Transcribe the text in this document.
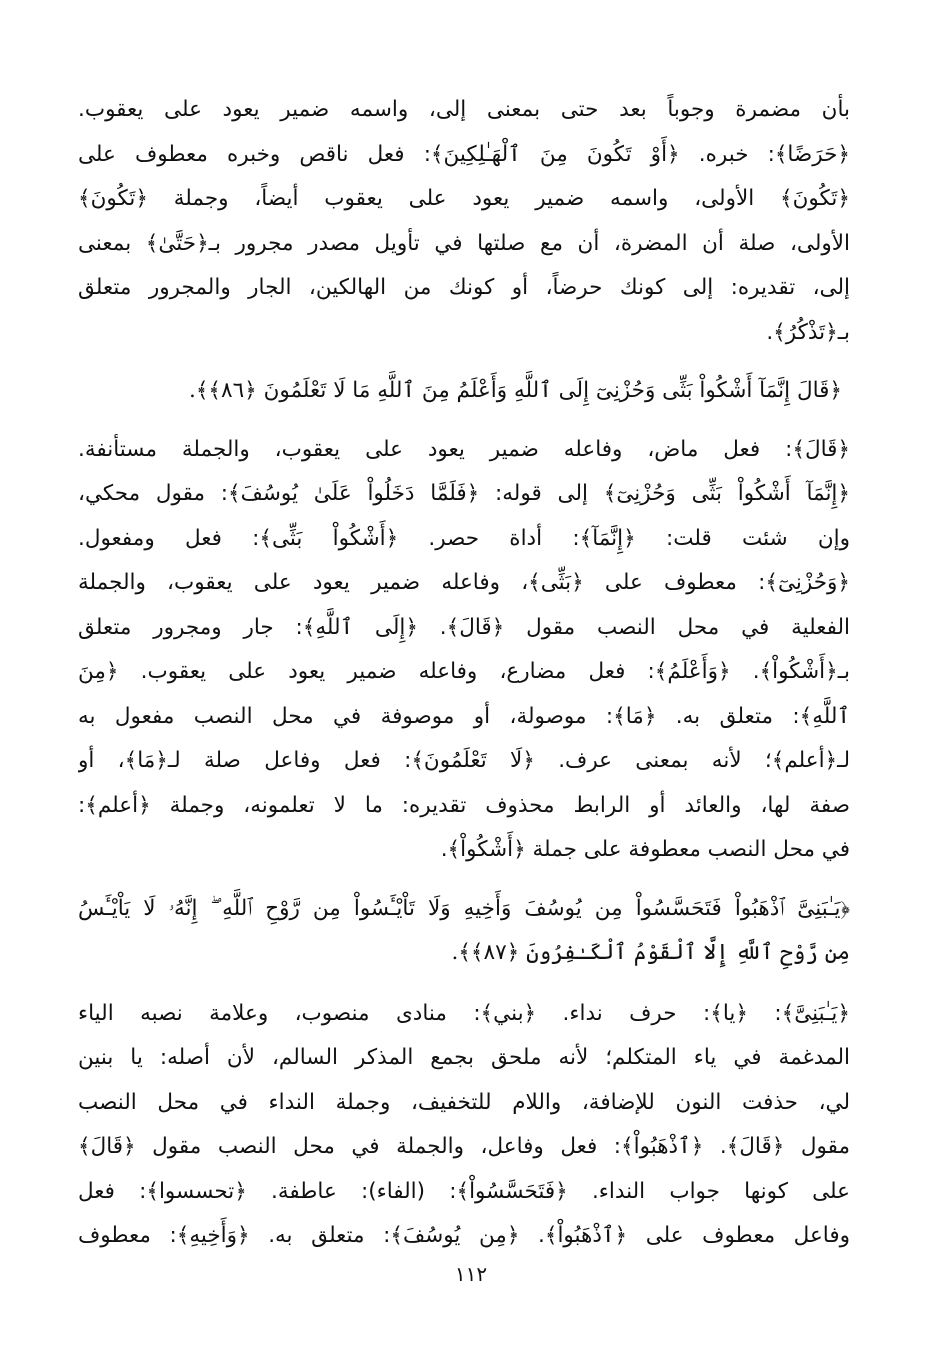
بأن مضمرة وجوباً بعد حتى بمعنى إلى، واسمه ضمير يعود على يعقوب.
﴿حَرَضًا﴾: خبره. ﴿أَوْ تَكُونَ مِنَ ٱلْهَـٰلِكِينَ﴾: فعل ناقص وخبره معطوف على
﴿تَكُونَ﴾ الأولى، واسمه ضمير يعود على يعقوب أيضاً، وجملة ﴿تَكُونَ﴾
الأولى، صلة أن المضرة، أن مع صلتها في تأويل مصدر مجرور بـ﴿حَتَّىٰ﴾ بمعنى
إلى، تقديره: إلى كونك حرضاً، أو كونك من الهالكين، الجار والمجرور متعلق
بـ﴿تَذْكُرُ﴾.

﴿قَالَ إِنَّمَآ أَشْكُواْ بَثِّى وَحُزْنِىٓ إِلَى ٱللَّهِ وَأَعْلَمُ مِنَ ٱللَّهِ مَا لَا تَعْلَمُونَ ﴿٨٦﴾﴾.

﴿قَالَ﴾: فعل ماض، وفاعله ضمير يعود على يعقوب، والجملة مستأنفة.
﴿إِنَّمَآ أَشْكُواْ بَثِّى وَحُزْنِىٓ﴾ إلى قوله: ﴿فَلَمَّا دَخَلُواْ عَلَىٰ يُوسُفَ﴾: مقول محكي،
وإن شئت قلت: ﴿إِنَّمَآ﴾: أداة حصر. ﴿أَشْكُواْ بَثِّى﴾: فعل ومفعول.
﴿وَحُزْنِىٓ﴾: معطوف على ﴿بَثِّى﴾، وفاعله ضمير يعود على يعقوب، والجملة
الفعلية في محل النصب مقول ﴿قَالَ﴾. ﴿إِلَى ٱللَّهِ﴾: جار ومجرور متعلق
بـ﴿أَشْكُواْ﴾. ﴿وَأَعْلَمُ﴾: فعل مضارع، وفاعله ضمير يعود على يعقوب. ﴿مِنَ
ٱللَّهِ﴾: متعلق به. ﴿مَا﴾: موصولة، أو موصوفة في محل النصب مفعول به
لـ﴿أعلم﴾؛ لأنه بمعنى عرف. ﴿لَا تَعْلَمُونَ﴾: فعل وفاعل صلة لـ﴿مَا﴾، أو
صفة لها، والعائد أو الرابط محذوف تقديره: ما لا تعلمونه، وجملة ﴿أعلم﴾:
في محل النصب معطوفة على جملة ﴿أَشْكُواْ﴾.

﴿يَـٰبَنِىَّ ٱذْهَبُواْ فَتَحَسَّسُواْ مِن يُوسُفَ وَأَخِيهِ وَلَا تَاْيْـَٔسُواْ مِن رَّوْحِ ٱللَّهِ ۖ إِنَّهُۥ لَا يَاْيْـَٔسُ
مِن رَّوْحِ ٱللَّهِ إِلَّا ٱلْقَوْمُ ٱلْكَـٰفِرُونَ ﴿٨٧﴾﴾.

﴿يَـٰبَنِىَّ﴾: ﴿يا﴾: حرف نداء. ﴿بني﴾: منادى منصوب، وعلامة نصبه الياء
المدغمة في ياء المتكلم؛ لأنه ملحق بجمع المذكر السالم، لأن أصله: يا بنين
لي، حذفت النون للإضافة، واللام للتخفيف، وجملة النداء في محل النصب
مقول ﴿قَالَ﴾. ﴿ٱذْهَبُواْ﴾: فعل وفاعل، والجملة في محل النصب مقول ﴿قَالَ﴾
على كونها جواب النداء. ﴿فَتَحَسَّسُواْ﴾: (الفاء): عاطفة. ﴿تحسسوا﴾: فعل
وفاعل معطوف على ﴿ٱذْهَبُواْ﴾. ﴿مِن يُوسُفَ﴾: متعلق به. ﴿وَأَخِيهِ﴾: معطوف

١١٢
